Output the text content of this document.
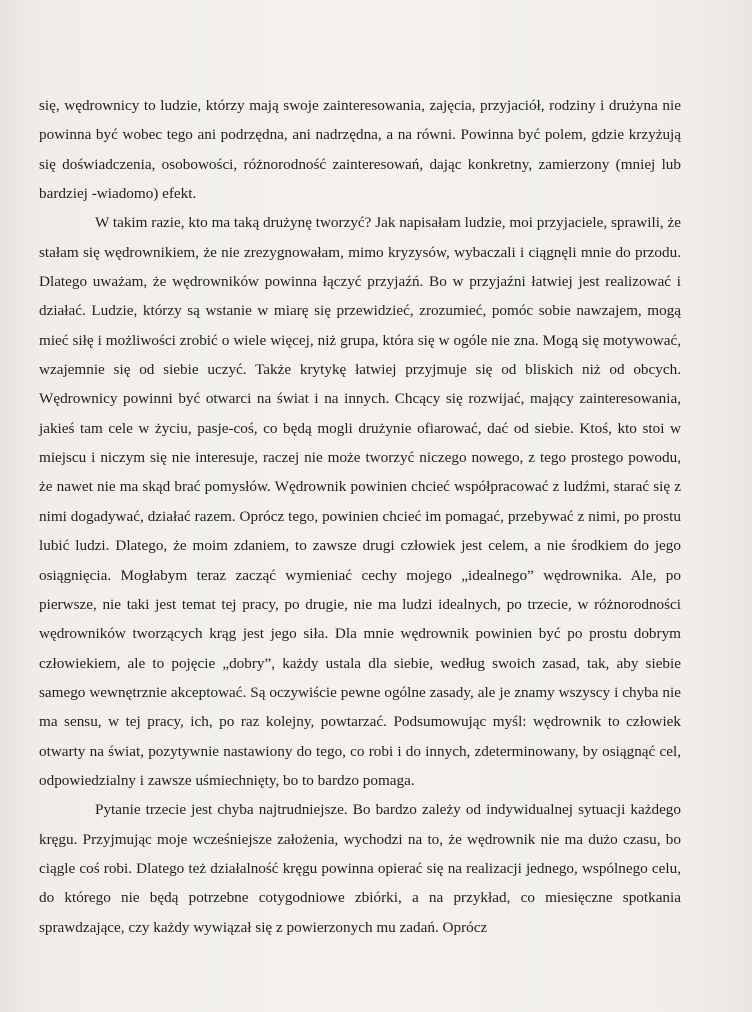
się, wędrownicy to ludzie, którzy mają swoje zainteresowania, zajęcia, przyjaciół, rodziny i drużyna nie powinna być wobec tego ani podrzędna, ani nadrzędna, a na równi. Powinna być polem, gdzie krzyżują się doświadczenia, osobowości, różnorodność zainteresowań, dając konkretny, zamierzony (mniej lub bardziej -wiadomo) efekt.

W takim razie, kto ma taką drużynę tworzyć? Jak napisałam ludzie, moi przyjaciele, sprawili, że stałam się wędrownikiem, że nie zrezygnowałam, mimo kryzysów, wybaczali i ciągnęli mnie do przodu. Dlatego uważam, że wędrowników powinna łączyć przyjaźń. Bo w przyjaźni łatwiej jest realizować i działać. Ludzie, którzy są wstanie w miarę się przewidzieć, zrozumieć, pomóc sobie nawzajem, mogą mieć siłę i możliwości zrobić o wiele więcej, niż grupa, która się w ogóle nie zna. Mogą się motywować, wzajemnie się od siebie uczyć. Także krytykę łatwiej przyjmuje się od bliskich niż od obcych. Wędrownicy powinni być otwarci na świat i na innych. Chcący się rozwijać, mający zainteresowania, jakieś tam cele w życiu, pasje-coś, co będą mogli drużynie ofiarować, dać od siebie. Ktoś, kto stoi w miejscu i niczym się nie interesuje, raczej nie może tworzyć niczego nowego, z tego prostego powodu, że nawet nie ma skąd brać pomysłów. Wędrownik powinien chcieć współpracować z ludźmi, starać się z nimi dogadywać, działać razem. Oprócz tego, powinien chcieć im pomagać, przebywać z nimi, po prostu lubić ludzi. Dlatego, że moim zdaniem, to zawsze drugi człowiek jest celem, a nie środkiem do jego osiągnięcia. Mogłabym teraz zacząć wymieniać cechy mojego „idealnego” wędrownika. Ale, po pierwsze, nie taki jest temat tej pracy, po drugie, nie ma ludzi idealnych, po trzecie, w różnorodności wędrowników tworzących krąg jest jego siła. Dla mnie wędrownik powinien być po prostu dobrym człowiekiem, ale to pojęcie „dobry”, każdy ustala dla siebie, według swoich zasad, tak, aby siebie samego wewnętrznie akceptować. Są oczywiście pewne ogólne zasady, ale je znamy wszyscy i chyba nie ma sensu, w tej pracy, ich, po raz kolejny, powtarzać. Podsumowując myśl: wędrownik to człowiek otwarty na świat, pozytywnie nastawiony do tego, co robi i do innych, zdeterminowany, by osiągnąć cel, odpowiedzialny i zawsze uśmiechnięty, bo to bardzo pomaga.

Pytanie trzecie jest chyba najtrudniejsze. Bo bardzo zależy od indywidualnej sytuacji każdego kręgu. Przyjmując moje wcześniejsze założenia, wychodzi na to, że wędrownik nie ma dużo czasu, bo ciągle coś robi. Dlatego też działalność kręgu powinna opierać się na realizacji jednego, wspólnego celu, do którego nie będą potrzebne cotygodniowe zbiórki, a na przykład, co miesięczne spotkania sprawdzające, czy każdy wywiązał się z powierzonych mu zadań. Oprócz
